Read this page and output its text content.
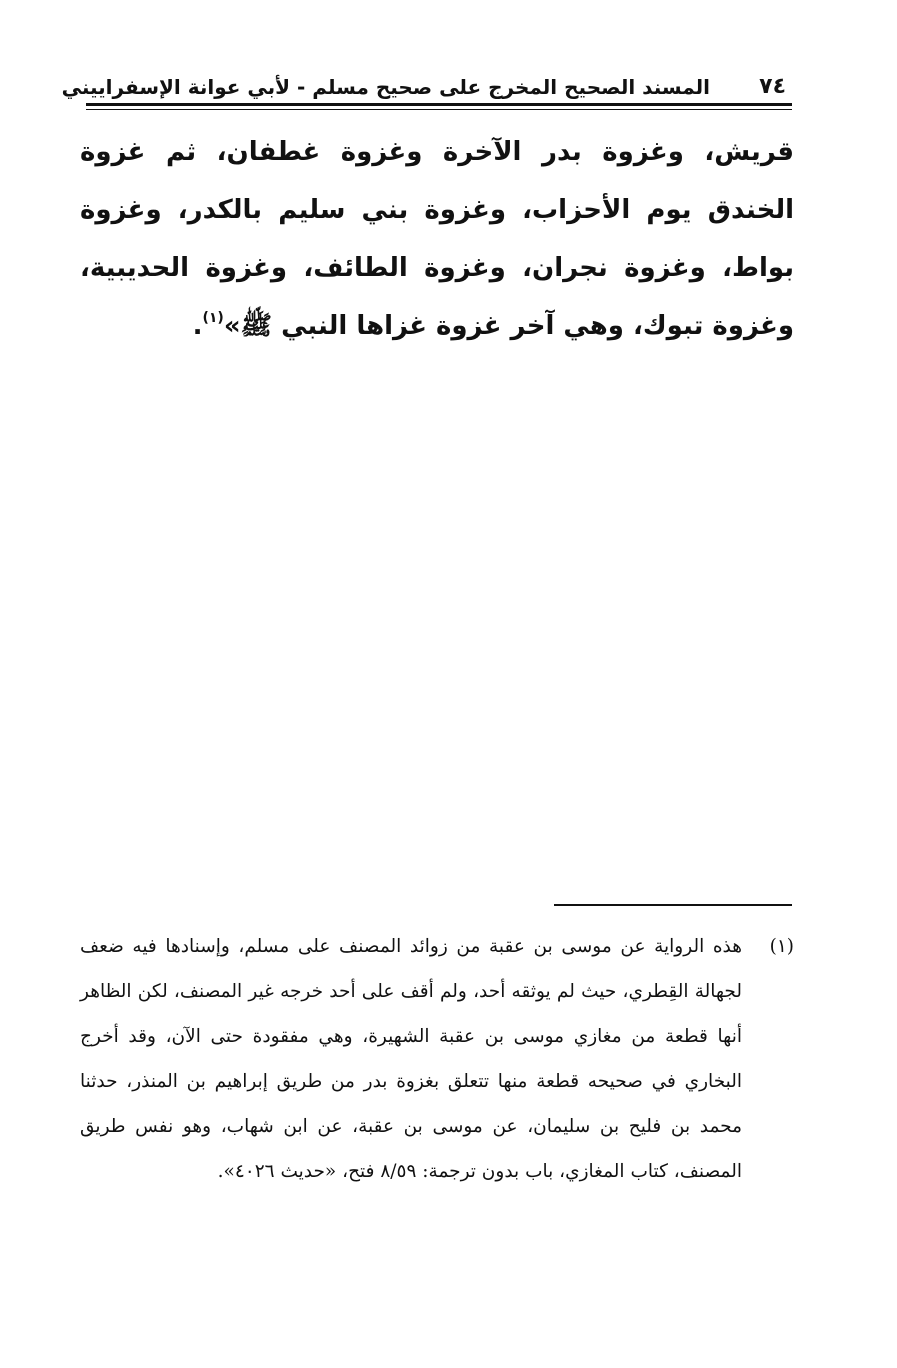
٧٤
المسند الصحيح المخرج على صحيح مسلم - لأبي عوانة الإسفراييني

قريش، وغزوة بدر الآخرة وغزوة غطفان، ثم غزوة الخندق يوم الأحزاب، وغزوة بني سليم بالكدر، وغزوة بواط، وغزوة نجران، وغزوة الطائف، وغزوة الحديبية، وغزوة تبوك، وهي آخر غزوة غزاها النبي ﷺ»$^{(١)}$.

(١)
هذه الرواية عن موسى بن عقبة من زوائد المصنف على مسلم، وإسنادها فيه ضعف لجهالة القِطري، حيث لم يوثقه أحد، ولم أقف على أحد خرجه غير المصنف، لكن الظاهر أنها قطعة من مغازي موسى بن عقبة الشهيرة، وهي مفقودة حتى الآن، وقد أخرج البخاري في صحيحه قطعة منها تتعلق بغزوة بدر من طريق إبراهيم بن المنذر، حدثنا محمد بن فليح بن سليمان، عن موسى بن عقبة، عن ابن شهاب، وهو نفس طريق المصنف، كتاب المغازي، باب بدون ترجمة: ٨/٥٩ فتح، «حديث ٤٠٢٦».
